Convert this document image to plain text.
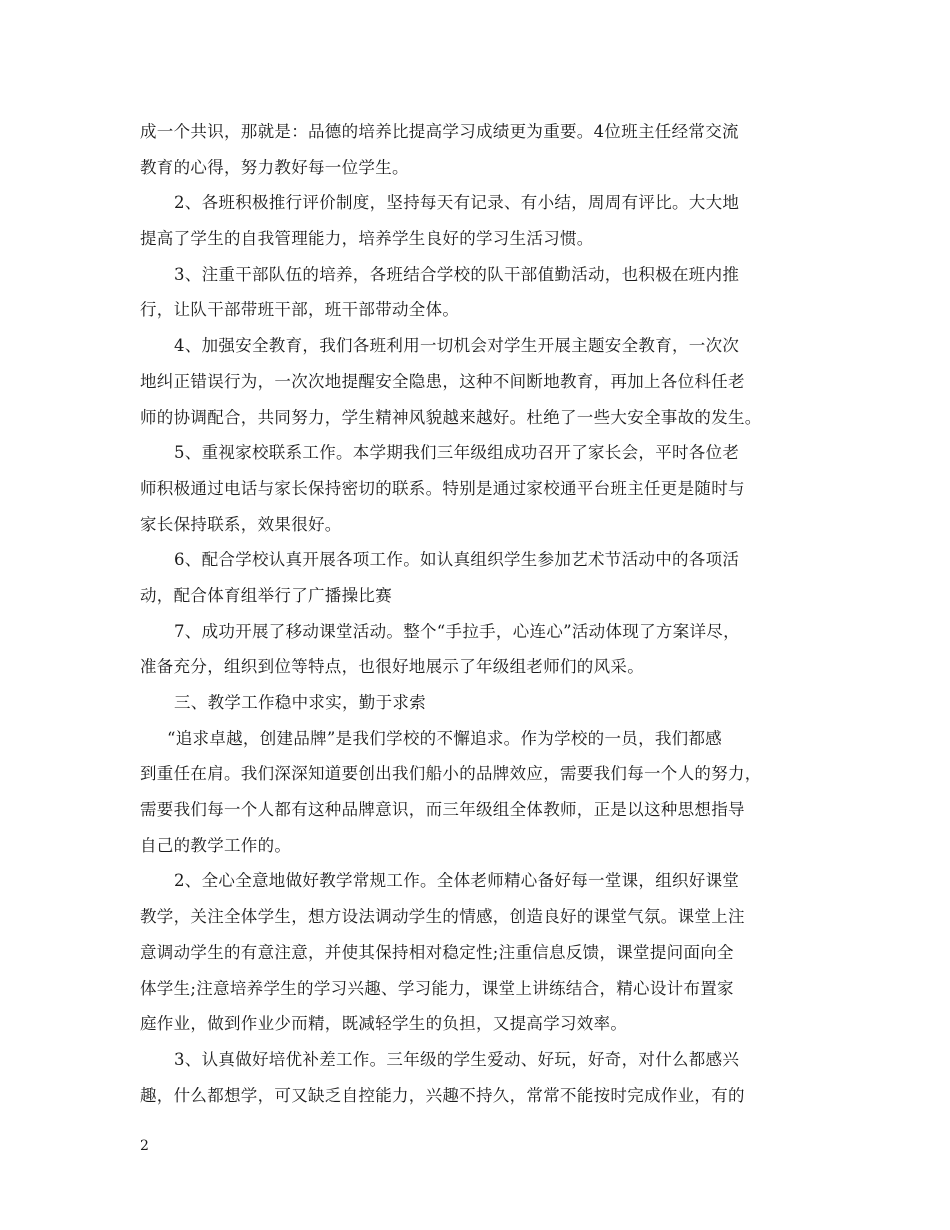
成一个共识，那就是：品德的培养比提高学习成绩更为重要。4位班主任经常交流
教育的心得，努力教好每一位学生。
2、各班积极推行评价制度，坚持每天有记录、有小结，周周有评比。大大地
提高了学生的自我管理能力，培养学生良好的学习生活习惯。
3、注重干部队伍的培养，各班结合学校的队干部值勤活动，也积极在班内推
行，让队干部带班干部，班干部带动全体。
4、加强安全教育，我们各班利用一切机会对学生开展主题安全教育，一次次
地纠正错误行为，一次次地提醒安全隐患，这种不间断地教育，再加上各位科任老
师的协调配合，共同努力，学生精神风貌越来越好。杜绝了一些大安全事故的发生。
5、重视家校联系工作。本学期我们三年级组成功召开了家长会，平时各位老
师积极通过电话与家长保持密切的联系。特别是通过家校通平台班主任更是随时与
家长保持联系，效果很好。
6、配合学校认真开展各项工作。如认真组织学生参加艺术节活动中的各项活
动，配合体育组举行了广播操比赛
7、成功开展了移动课堂活动。整个“手拉手，心连心”活动体现了方案详尽，
准备充分，组织到位等特点，也很好地展示了年级组老师们的风采。
三、教学工作稳中求实，勤于求索
“追求卓越，创建品牌”是我们学校的不懈追求。作为学校的一员，我们都感
到重任在肩。我们深深知道要创出我们船小的品牌效应，需要我们每一个人的努力，
需要我们每一个人都有这种品牌意识，而三年级组全体教师，正是以这种思想指导
自己的教学工作的。
2、全心全意地做好教学常规工作。全体老师精心备好每一堂课，组织好课堂
教学，关注全体学生，想方设法调动学生的情感，创造良好的课堂气氛。课堂上注
意调动学生的有意注意，并使其保持相对稳定性;注重信息反馈，课堂提问面向全
体学生;注意培养学生的学习兴趣、学习能力，课堂上讲练结合，精心设计布置家
庭作业，做到作业少而精，既减轻学生的负担，又提高学习效率。
3、认真做好培优补差工作。三年级的学生爱动、好玩，好奇，对什么都感兴
趣，什么都想学，可又缺乏自控能力，兴趣不持久，常常不能按时完成作业，有的
2
